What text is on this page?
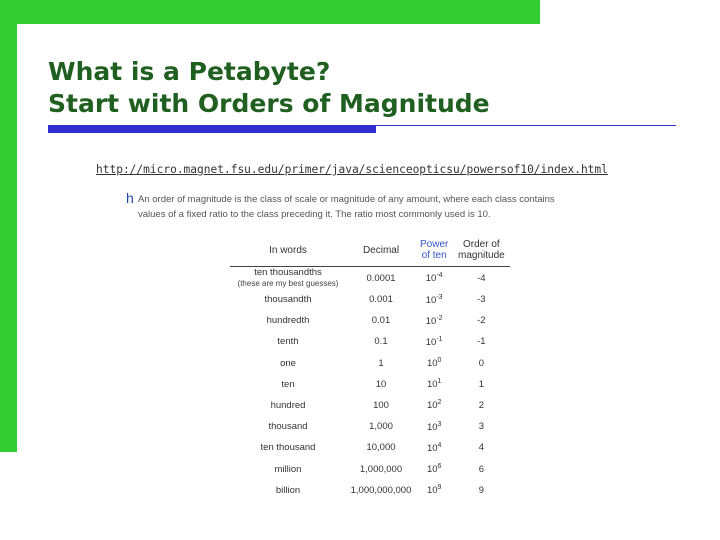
What is a Petabyte?
Start with Orders of Magnitude
http://micro.magnet.fsu.edu/primer/java/scienceopticsu/powersof10/index.html
h An order of magnitude is the class of scale or magnitude of any amount, where each class contains
values of a fixed ratio to the class preceding it. The ratio most commonly used is 10.
In words	Decimal	Power of ten	Order of magnitude
ten thousandths
(these are my best guesses)	0.0001	$10^{-4}$	-4
thousandth	0.001	$10^{-3}$	-3
hundredth	0.01	$10^{-2}$	-2
tenth	0.1	$10^{-1}$	-1
one	1	$10^0$	0
ten	10	$10^1$	1
hundred	100	$10^2$	2
thousand	1,000	$10^3$	3
ten thousand	10,000	$10^4$	4
million	1,000,000	$10^6$	6
billion	1,000,000,000	$10^9$	9
